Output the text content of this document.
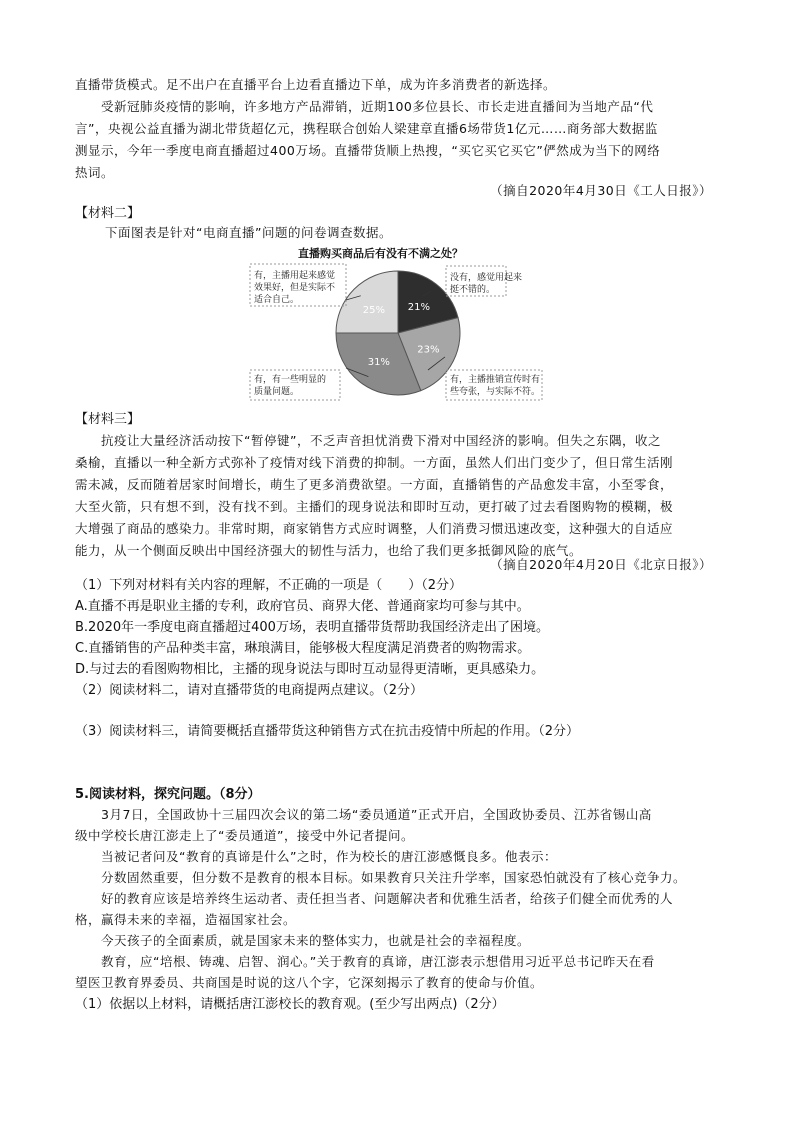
直播带货模式。足不出户在直播平台上边看直播边下单，成为许多消费者的新选择。
受新冠肺炎疫情的影响，许多地方产品滞销，近期100多位县长、市长走进直播间为当地产品“代
言”，央视公益直播为湖北带货超亿元，携程联合创始人梁建章直播6场带货1亿元……商务部大数据监
测显示，今年一季度电商直播超过400万场。直播带货顺上热搜，“买它买它买它”俨然成为当下的网络
热词。
（摘自2020年4月30日《工人日报》）
【材料二】
下面图表是针对“电商直播”问题的问卷调查数据。
直播购买商品后有没有不满之处？
21%
23%
31%
25%
没有，感觉用起来
挺不错的。
有，主播推销宣传时有
些夸张，与实际不符。
有，有一些明显的
质量问题。
有，主播用起来感觉
效果好，但是实际不
适合自己。
【材料三】
抗疫让大量经济活动按下“暂停键”，不乏声音担忧消费下滑对中国经济的影响。但失之东隅，收之
桑榆，直播以一种全新方式弥补了疫情对线下消费的抑制。一方面，虽然人们出门变少了，但日常生活刚
需未减，反而随着居家时间增长，萌生了更多消费欲望。一方面，直播销售的产品愈发丰富，小至零食，
大至火箭，只有想不到，没有找不到。主播们的现身说法和即时互动，更打破了过去看图购物的模糊，极
大增强了商品的感染力。非常时期，商家销售方式应时调整，人们消费习惯迅速改变，这种强大的自适应
能力，从一个侧面反映出中国经济强大的韧性与活力，也给了我们更多抵御风险的底气。
（摘自2020年4月20日《北京日报》）
（1）下列对材料有关内容的理解，不正确的一项是（　　）（2分）
A.直播不再是职业主播的专利，政府官员、商界大佬、普通商家均可参与其中。
B.2020年一季度电商直播超过400万场，表明直播带货帮助我国经济走出了困境。
C.直播销售的产品种类丰富，琳琅满目，能够极大程度满足消费者的购物需求。
D.与过去的看图购物相比，主播的现身说法与即时互动显得更清晰，更具感染力。
（2）阅读材料二，请对直播带货的电商提两点建议。（2分）
（3）阅读材料三，请简要概括直播带货这种销售方式在抗击疫情中所起的作用。（2分）
5.阅读材料，探究问题。（8分）
3月7日，全国政协十三届四次会议的第二场“委员通道”正式开启，全国政协委员、江苏省锡山高
级中学校长唐江澎走上了“委员通道”，接受中外记者提问。
当被记者问及“教育的真谛是什么”之时，作为校长的唐江澎感慨良多。他表示：
分数固然重要，但分数不是教育的根本目标。如果教育只关注升学率，国家恐怕就没有了核心竞争力。
好的教育应该是培养终生运动者、责任担当者、问题解决者和优雅生活者，给孩子们健全而优秀的人
格，赢得未来的幸福，造福国家社会。
今天孩子的全面素质，就是国家未来的整体实力，也就是社会的幸福程度。
教育，应“培根、铸魂、启智、润心。”关于教育的真谛，唐江澎表示想借用习近平总书记昨天在看
望医卫教育界委员、共商国是时说的这八个字，它深刻揭示了教育的使命与价值。
（1）依据以上材料，请概括唐江澎校长的教育观。(至少写出两点)（2分）
